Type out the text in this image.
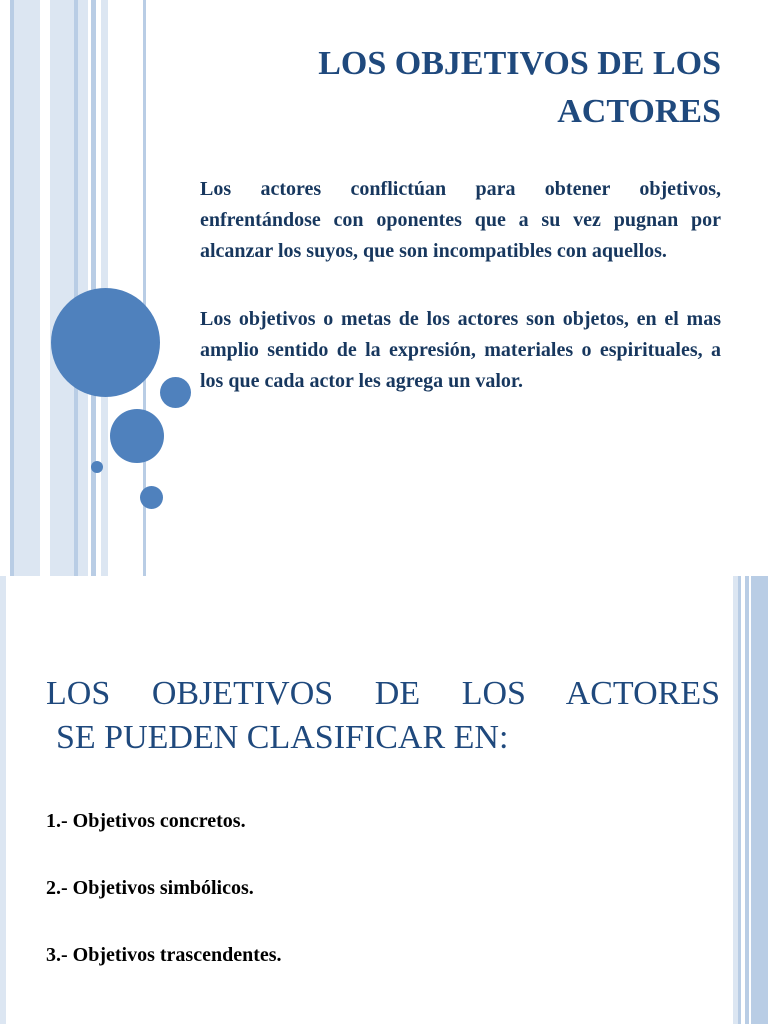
LOS OBJETIVOS DE LOS ACTORES

Los actores conflictúan para obtener objetivos, enfrentándose con oponentes que a su vez pugnan por alcanzar los suyos, que son incompatibles con aquellos.

Los objetivos o metas de los actores son objetos, en el mas amplio sentido de la expresión, materiales o espirituales, a los que cada actor les agrega un valor.

LOS OBJETIVOS DE LOS ACTORES
SE PUEDEN CLASIFICAR EN:

1.- Objetivos concretos.

2.- Objetivos simbólicos.

3.- Objetivos trascendentes.
